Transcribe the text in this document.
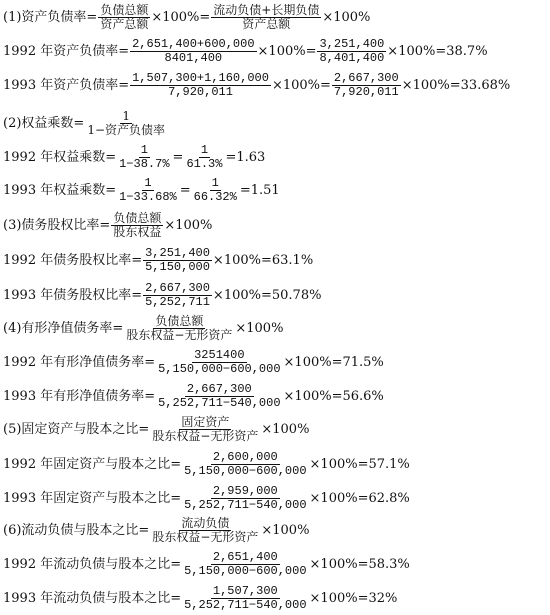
(1)资产负债率= $\frac{\text{负债总额}}{\text{资产总额}} \times 100\%= \frac{\text{流动负债+长期负债}}{\text{资产总额}} \times 100\%$
1992 年资产负债率= $\frac{2,651,400+600,000}{8401,400} \times 100\%= \frac{3,251,400}{8,401,400} \times 100\%=38.7\%$
1993 年资产负债率= $\frac{1,507,300+1,160,000}{7,920,011} \times 100\%= \frac{2,667,300}{7,920,011} \times 100\%=33.68\%$
(2)权益乘数= $\frac{1}{\text{1−资产负债率}}$
1992 年权益乘数= $\frac{1}{1-38.7\%} = \frac{1}{61.3\%} =1.63$
1993 年权益乘数= $\frac{1}{1-33.68\%} = \frac{1}{66.32\%} =1.51$
(3)债务股权比率= $\frac{\text{负债总额}}{\text{股东权益}} \times 100\%$
1992 年债务股权比率= $\frac{3,251,400}{5,150,000} \times 100\%=63.1\%$
1993 年债务股权比率= $\frac{2,667,300}{5,252,711} \times 100\%=50.78\%$
(4)有形净值债务率= $\frac{\text{负债总额}}{\text{股东权益−无形资产}} \times 100\%$
1992 年有形净值债务率= $\frac{3251400}{5,150,000-600,000} \times 100\%=71.5\%$
1993 年有形净值债务率= $\frac{2,667,300}{5,252,711-540,000} \times 100\%=56.6\%$
(5)固定资产与股本之比= $\frac{\text{固定资产}}{\text{股东权益−无形资产}} \times 100\%$
1992 年固定资产与股本之比= $\frac{2,600,000}{5,150,000-600,000} \times 100\%=57.1\%$
1993 年固定资产与股本之比= $\frac{2,959,000}{5,252,711-540,000} \times 100\%=62.8\%$
(6)流动负债与股本之比= $\frac{\text{流动负债}}{\text{股东权益−无形资产}} \times 100\%$
1992 年流动负债与股本之比= $\frac{2,651,400}{5,150,000-600,000} \times 100\%=58.3\%$
1993 年流动负债与股本之比= $\frac{1,507,300}{5,252,711-540,000} \times 100\%=32\%$
